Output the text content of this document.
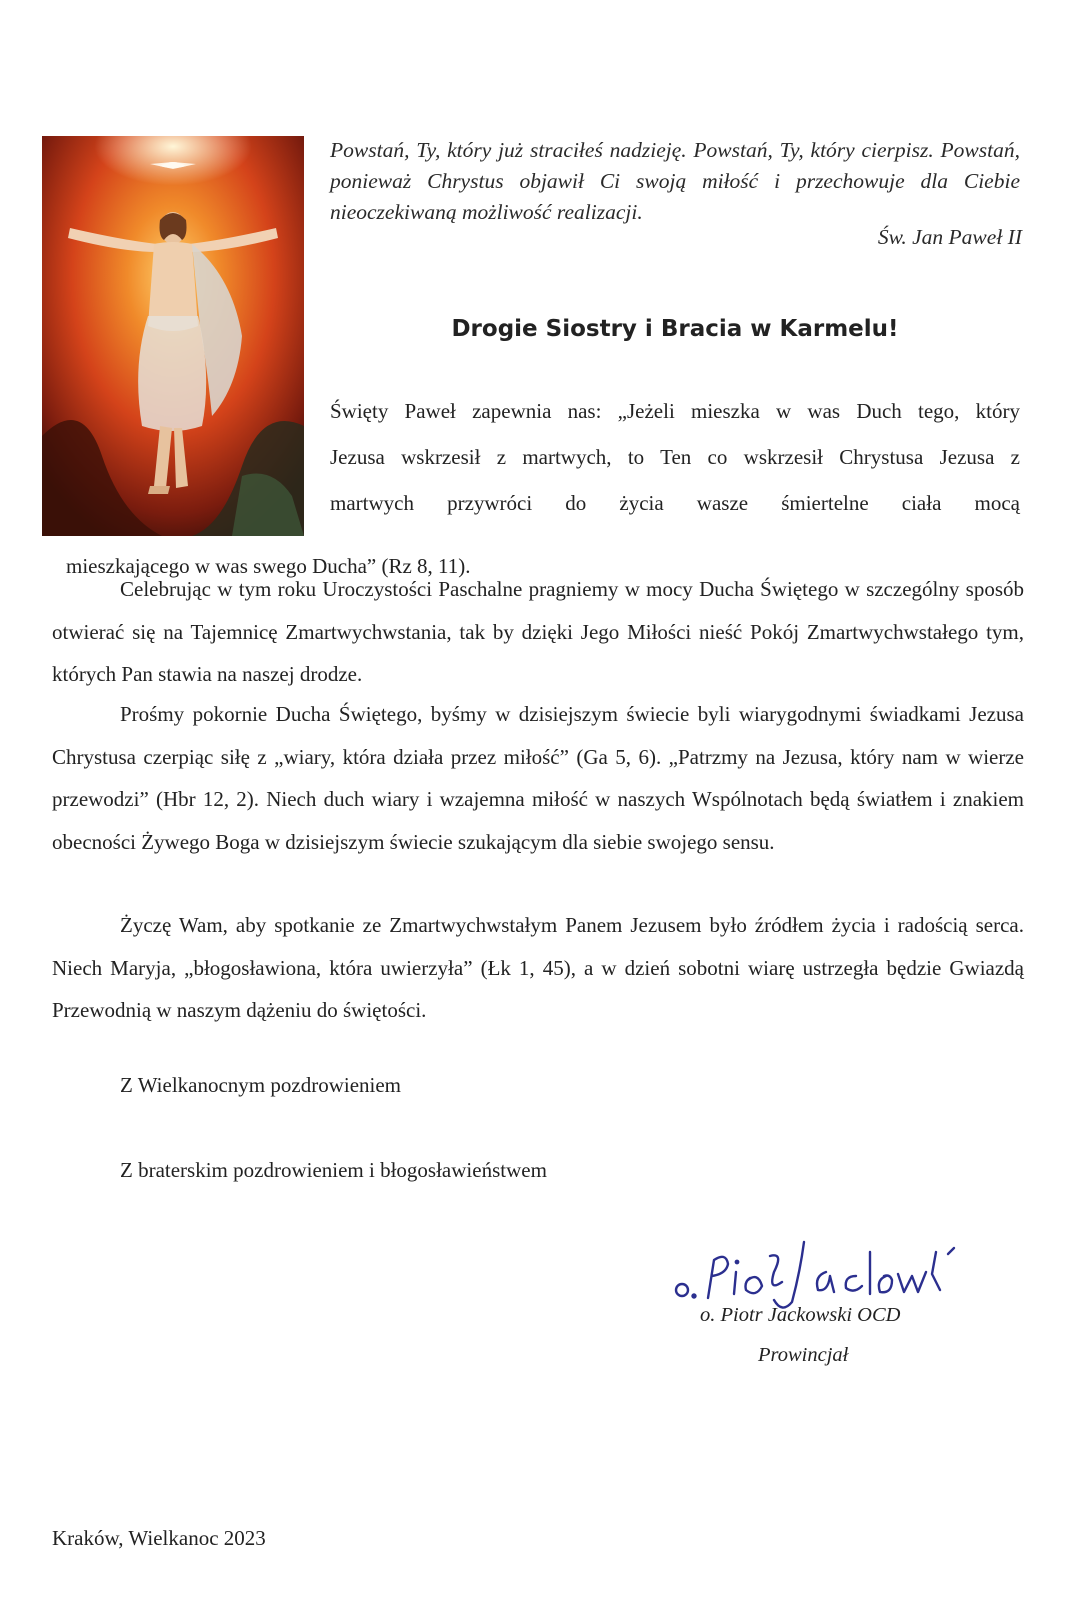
Powstań, Ty, który już straciłeś nadzieję. Powstań, Ty, który cierpisz. Powstań, ponieważ Chrystus objawił Ci swoją miłość i przechowuje dla Ciebie nieoczekiwaną możliwość realizacji.
Św. Jan Paweł II
Drogie Siostry i Bracia w Karmelu!
Święty Paweł zapewnia nas: „Jeżeli mieszka w was Duch tego, który
Jezusa wskrzesił z martwych, to Ten co wskrzesił Chrystusa Jezusa z
martwych przywróci do życia wasze śmiertelne ciała mocą
mieszkającego w was swego Ducha” (Rz 8, 11).
Celebrując w tym roku Uroczystości Paschalne pragniemy w mocy Ducha Świętego w szczególny sposób otwierać się na Tajemnicę Zmartwychwstania, tak by dzięki Jego Miłości nieść Pokój Zmartwychwstałego tym, których Pan stawia na naszej drodze.
Prośmy pokornie Ducha Świętego, byśmy w dzisiejszym świecie byli wiarygodnymi świadkami Jezusa Chrystusa czerpiąc siłę z „wiary, która działa przez miłość” (Ga 5, 6). „Patrzmy na Jezusa, który nam w wierze przewodzi” (Hbr 12, 2). Niech duch wiary i wzajemna miłość w naszych Wspólnotach będą światłem i znakiem obecności Żywego Boga w dzisiejszym świecie szukającym dla siebie swojego sensu.
Życzę Wam, aby spotkanie ze Zmartwychwstałym Panem Jezusem było źródłem życia i radością serca. Niech Maryja, „błogosławiona, która uwierzyła” (Łk 1, 45), a w dzień sobotni wiarę ustrzegła będzie Gwiazdą Przewodnią w naszym dążeniu do świętości.
Z Wielkanocnym pozdrowieniem
Z braterskim pozdrowieniem i błogosławieństwem
o. Piotr Jackowski OCD
Prowincjał
Kraków, Wielkanoc 2023
